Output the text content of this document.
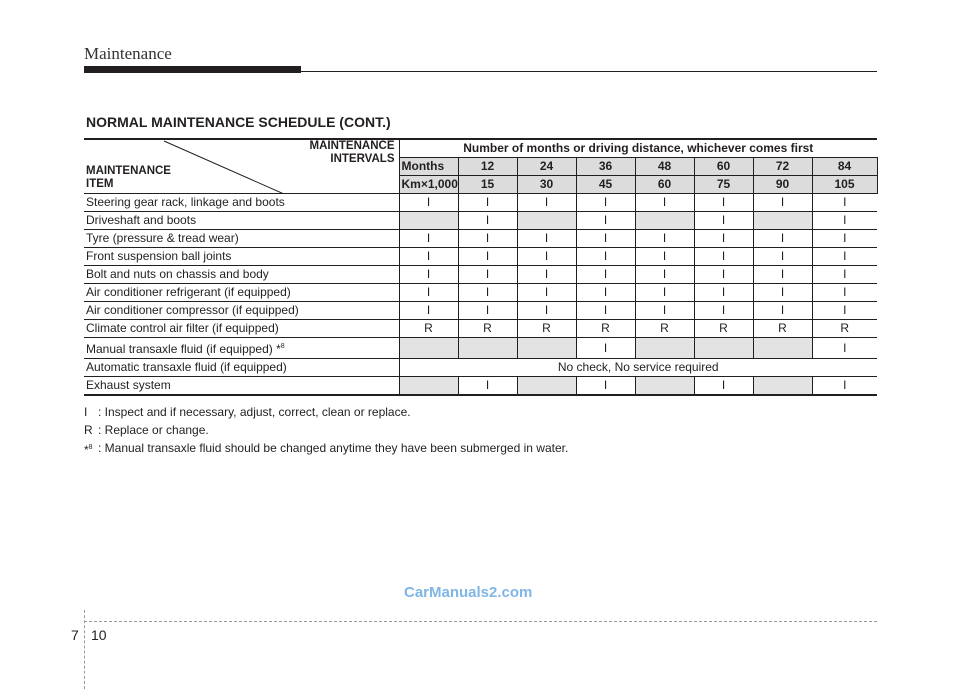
Maintenance
NORMAL MAINTENANCE SCHEDULE (CONT.)
MAINTENANCE
INTERVALS
MAINTENANCE
ITEM	Number of months or driving distance, whichever comes first								
	Months	12	24	36	48	60	72	84	
	Km×1,000	15	30	45	60	75	90	105	
Steering gear rack, linkage and boots	I	I	I	I	I	I	I	I	
Driveshaft and boots		I		I		I		I	
Tyre (pressure & tread wear)	I	I	I	I	I	I	I	I	
Front suspension ball joints	I	I	I	I	I	I	I	I	
Bolt and nuts on chassis and body	I	I	I	I	I	I	I	I	
Air conditioner refrigerant (if equipped)	I	I	I	I	I	I	I	I	
Air conditioner compressor (if equipped)	I	I	I	I	I	I	I	I	
Climate control air filter (if equipped)	R	R	R	R	R	R	R	R	
Manual transaxle fluid (if equipped) *$^8$				I				I	
Automatic transaxle fluid (if equipped)	No check, No service required								
Exhaust system		I		I		I		I	
I : Inspect and if necessary, adjust, correct, clean or replace.
R : Replace or change.
*$^8$ : Manual transaxle fluid should be changed anytime they have been submerged in water.
CarManuals2.com
7 10
